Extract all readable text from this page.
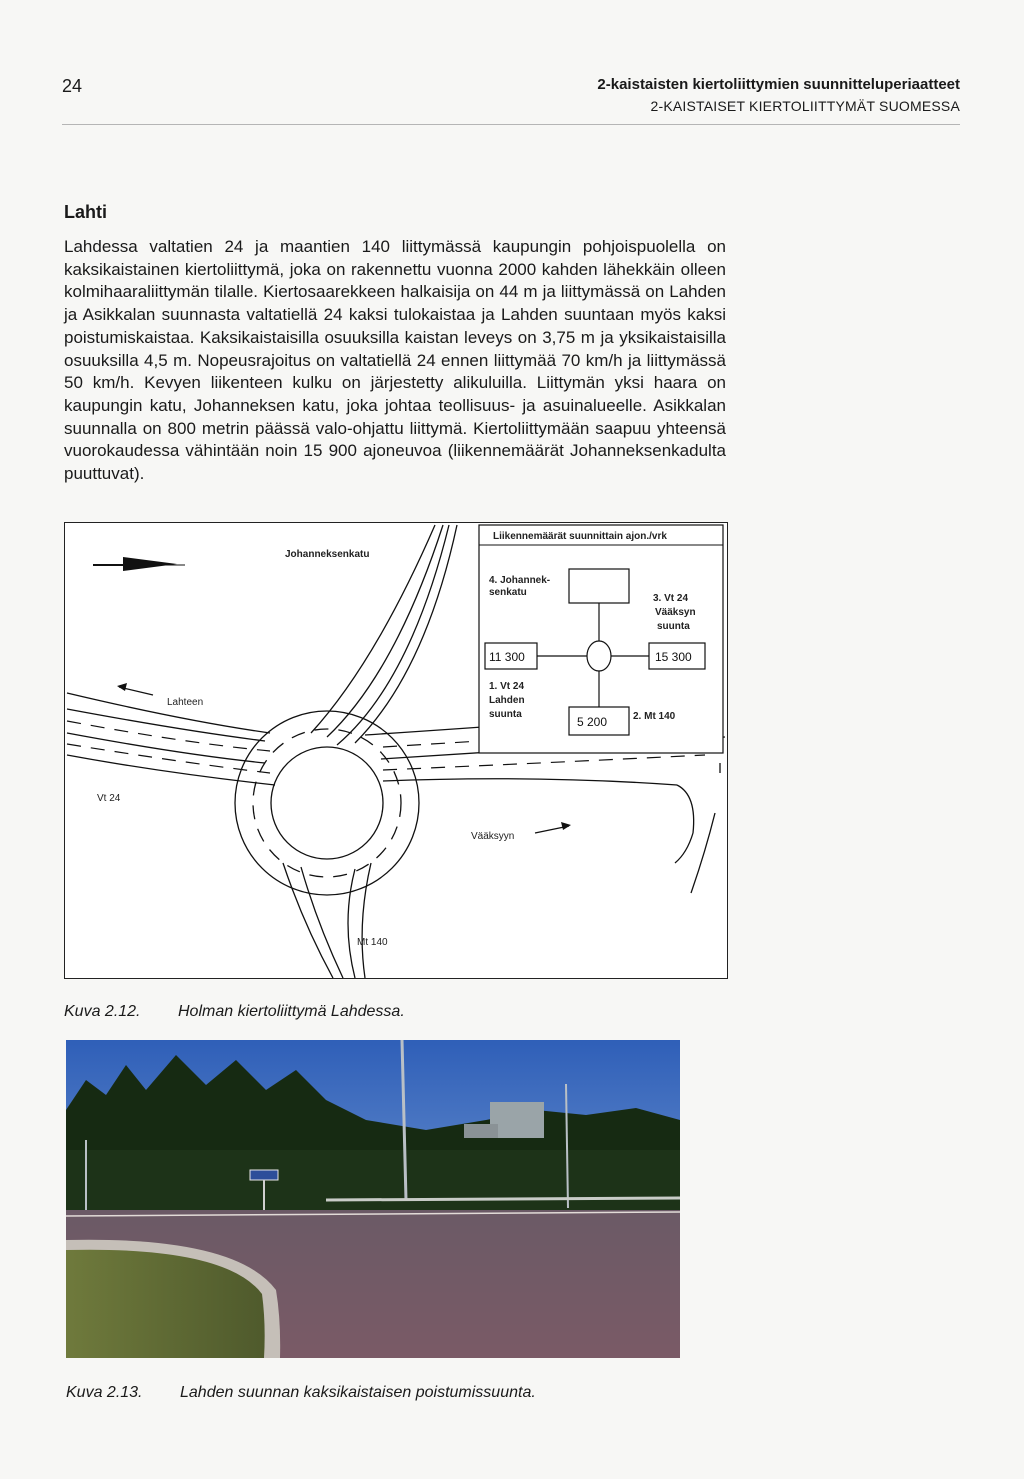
24	2-kaistaisten kiertoliittymien suunnitteluperiaatteet
2-KAISTAISET KIERTOLIITTYMÄT SUOMESSA
Lahti

Lahdessa valtatien 24 ja maantien 140 liittymässä kaupungin pohjoispuolella on kaksikaistainen kiertoliittymä, joka on rakennettu vuonna 2000 kahden lähekkäin olleen kolmihaaraliittymän tilalle. Kiertosaarekkeen halkaisija on 44 m ja liittymässä on Lahden ja Asikkalan suunnasta valtatiellä 24 kaksi tulokaistaa ja Lahden suuntaan myös kaksi poistumiskaistaa. Kaksikaistaisilla osuuksilla kaistan leveys on 3,75 m ja yksikaistaisilla osuuksilla 4,5 m. Nopeusrajoitus on valtatiellä 24 ennen liittymää 70 km/h ja liittymässä 50 km/h. Kevyen liikenteen kulku on järjestetty alikuluilla. Liittymän yksi haara on kaupungin katu, Johanneksen katu, joka johtaa teollisuus- ja asuinalueelle. Asikkalan suunnalla on 800 metrin päässä valo-ohjattu liittymä. Kiertoliittymään saapuu yhteensä vuorokaudessa vähintään noin 15 900 ajoneuvoa (liikennemäärät Johanneksenkadulta puuttuvat).

Johanneksenkatu
Lahteen
Vt 24
Vääksyyn
Mt 140
Liikennemäärät suunnittain ajon./vrk
4. Johannek-
senkatu
3. Vt 24
Vääksyn
suunta
11 300	15 300
1. Vt 24
Lahden
suunta
5 200	2. Mt 140
Kuva 2.12. Holman kiertoliittymä Lahdessa.
Kuva 2.13. Lahden suunnan kaksikaistaisen poistumissuunta.
